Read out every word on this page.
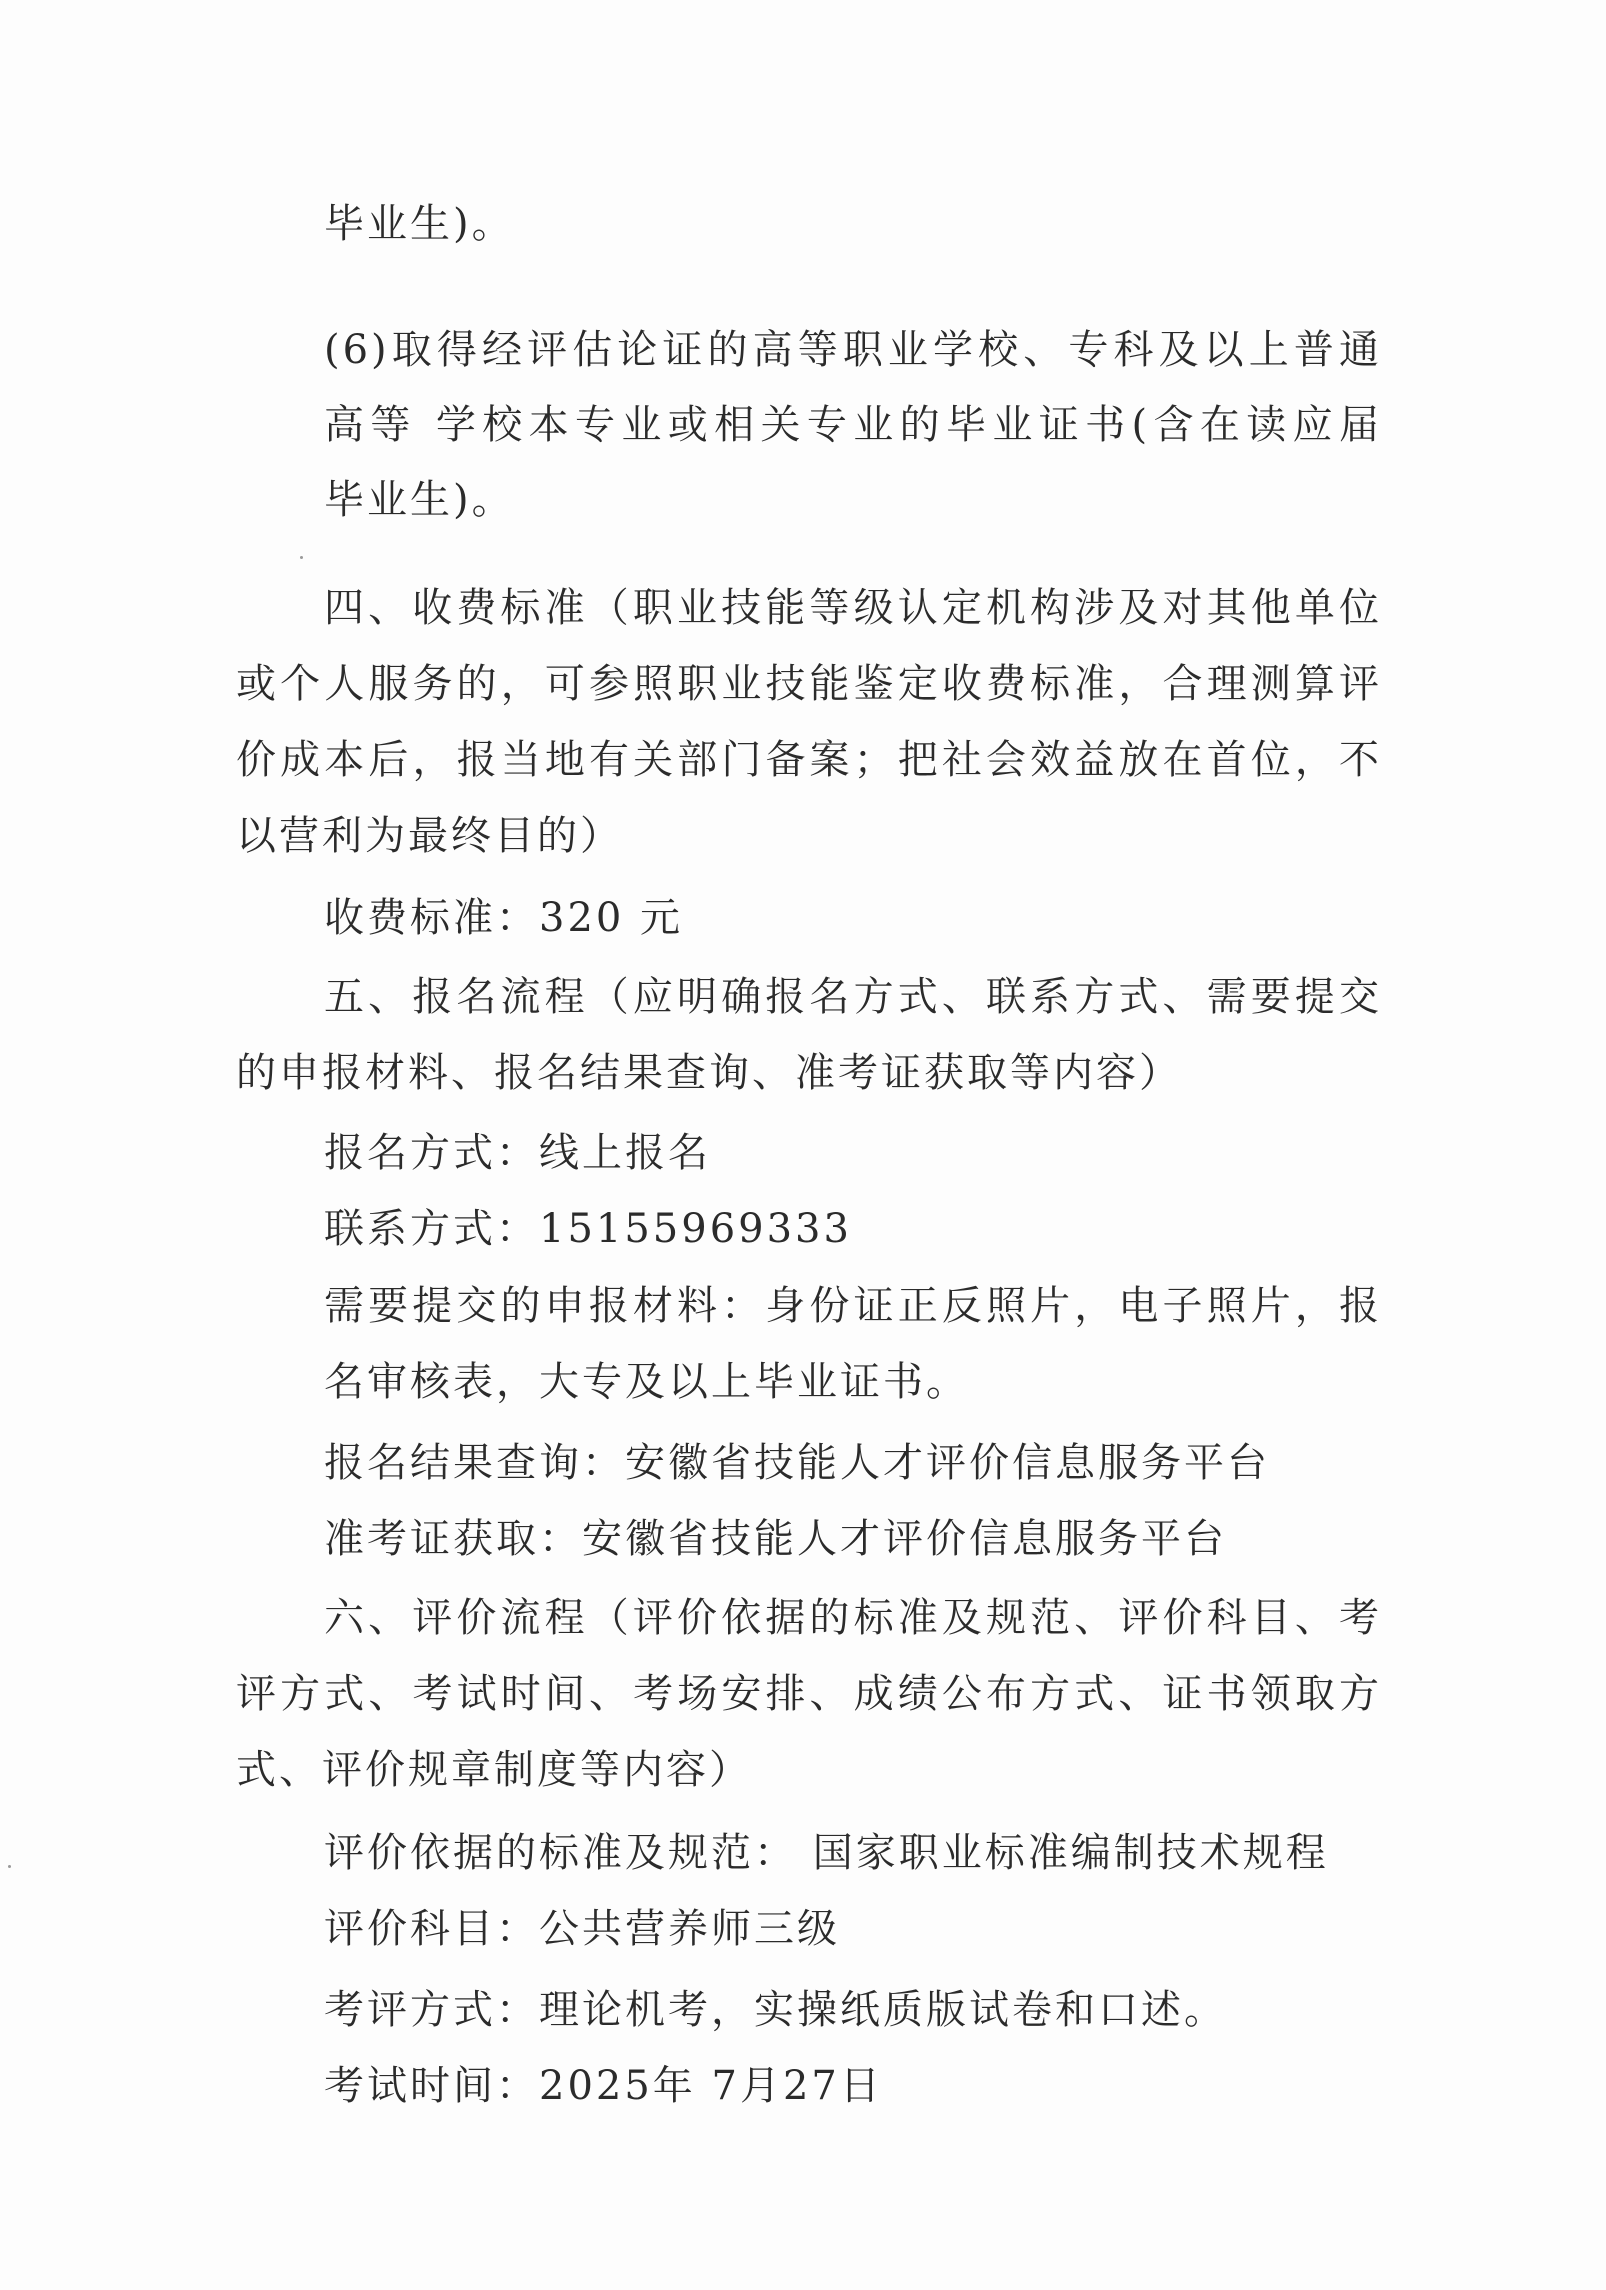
毕业生)。

(6)取得经评估论证的高等职业学校、专科及以上普通

高等 学校本专业或相关专业的毕业证书(含在读应届

毕业生)。

四、收费标准（职业技能等级认定机构涉及对其他单位

或个人服务的，可参照职业技能鉴定收费标准，合理测算评

价成本后，报当地有关部门备案；把社会效益放在首位，不

以营利为最终目的）

收费标准：320 元

五、报名流程（应明确报名方式、联系方式、需要提交

的申报材料、报名结果查询、准考证获取等内容）

报名方式：线上报名

联系方式：15155969333

需要提交的申报材料：身份证正反照片，电子照片，报

名审核表，大专及以上毕业证书。

报名结果查询：安徽省技能人才评价信息服务平台

准考证获取：安徽省技能人才评价信息服务平台

六、评价流程（评价依据的标准及规范、评价科目、考

评方式、考试时间、考场安排、成绩公布方式、证书领取方

式、评价规章制度等内容）

评价依据的标准及规范： 国家职业标准编制技术规程

评价科目：公共营养师三级

考评方式：理论机考，实操纸质版试卷和口述。

考试时间：2025年 7月27日
